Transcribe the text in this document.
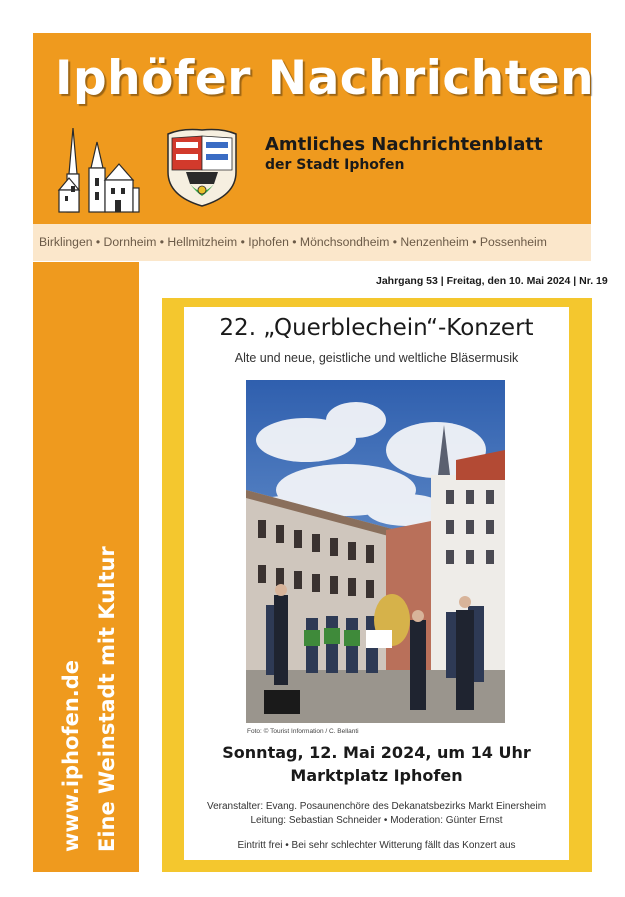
Iphöfer Nachrichten
Amtliches Nachrichtenblatt
der Stadt Iphofen
Birklingen • Dornheim • Hellmitzheim • Iphofen • Mönchsondheim • Nenzenheim • Possenheim
Jahrgang 53 | Freitag, den 10. Mai 2024 | Nr. 19
www.iphofen.de Eine Weinstadt mit Kultur
22. „Querblechein“-Konzert
Alte und neue, geistliche und weltliche Bläsermusik
Foto: © Tourist Information / C. Bellanti
Sonntag, 12. Mai 2024, um 14 Uhr
Marktplatz Iphofen
Veranstalter: Evang. Posaunenchöre des Dekanatsbezirks Markt Einersheim
Leitung: Sebastian Schneider • Moderation: Günter Ernst
Eintritt frei • Bei sehr schlechter Witterung fällt das Konzert aus
